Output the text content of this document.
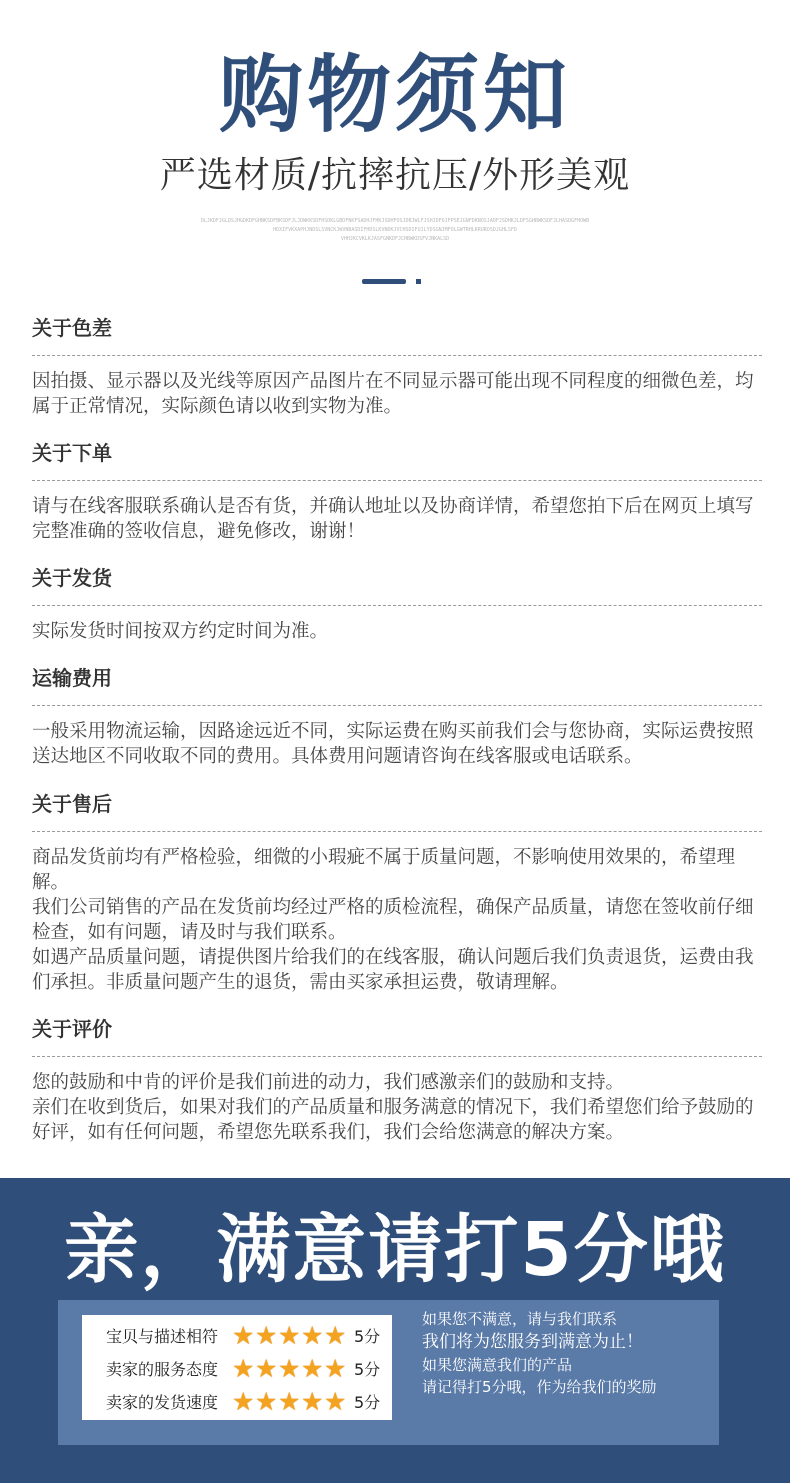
购物须知
严选材质/抗摔抗压/外形美观
DLJKDFJGLDSJHGDKDFGHNKSDFBKSDFJLJDWKKSDFHSDKLGBDFNKFSADHJFHKJSDHFOSJDBJWLFJSHJDFOJFPSEJGNFDKNOSJADFJSDHKJLDFSGHBWKSDFJLHASDGFHOWB
HDXIFVKXAPHJNDSLSVNCKJWVNBASDIFHDSLKVNDKJVCHSDIFUJLYDSGNJMFOLGWTRHLKRUROSDJGHLSFD
VHHJKCVKLKJASFGNKDFJCHBWKDSFVJNKALSD
关于色差

因拍摄、显示器以及光线等原因产品图片在不同显示器可能出现不同程度的细微色差，均属于正常情况，实际颜色请以收到实物为准。

关于下单

请与在线客服联系确认是否有货，并确认地址以及协商详情，希望您拍下后在网页上填写完整准确的签收信息，避免修改，谢谢！

关于发货

实际发货时间按双方约定时间为准。

运输费用

一般采用物流运输，因路途远近不同，实际运费在购买前我们会与您协商，实际运费按照送达地区不同收取不同的费用。具体费用问题请咨询在线客服或电话联系。

关于售后

商品发货前均有严格检验，细微的小瑕疵不属于质量问题，不影响使用效果的，希望理解。

我们公司销售的产品在发货前均经过严格的质检流程，确保产品质量，请您在签收前仔细检查，如有问题，请及时与我们联系。

如遇产品质量问题，请提供图片给我们的在线客服，确认问题后我们负责退货，运费由我们承担。非质量问题产生的退货，需由买家承担运费，敬请理解。

关于评价

您的鼓励和中肯的评价是我们前进的动力，我们感激亲们的鼓励和支持。

亲们在收到货后，如果对我们的产品质量和服务满意的情况下，我们希望您们给予鼓励的好评，如有任何问题，希望您先联系我们，我们会给您满意的解决方案。

亲，满意请打5分哦
宝贝与描述相符 ★ ★ ★ ★ ★ 5分
卖家的服务态度 ★ ★ ★ ★ ★ 5分
卖家的发货速度 ★ ★ ★ ★ ★ 5分
如果您不满意，请与我们联系
我们将为您服务到满意为止！
如果您满意我们的产品
请记得打5分哦，作为给我们的奖励
